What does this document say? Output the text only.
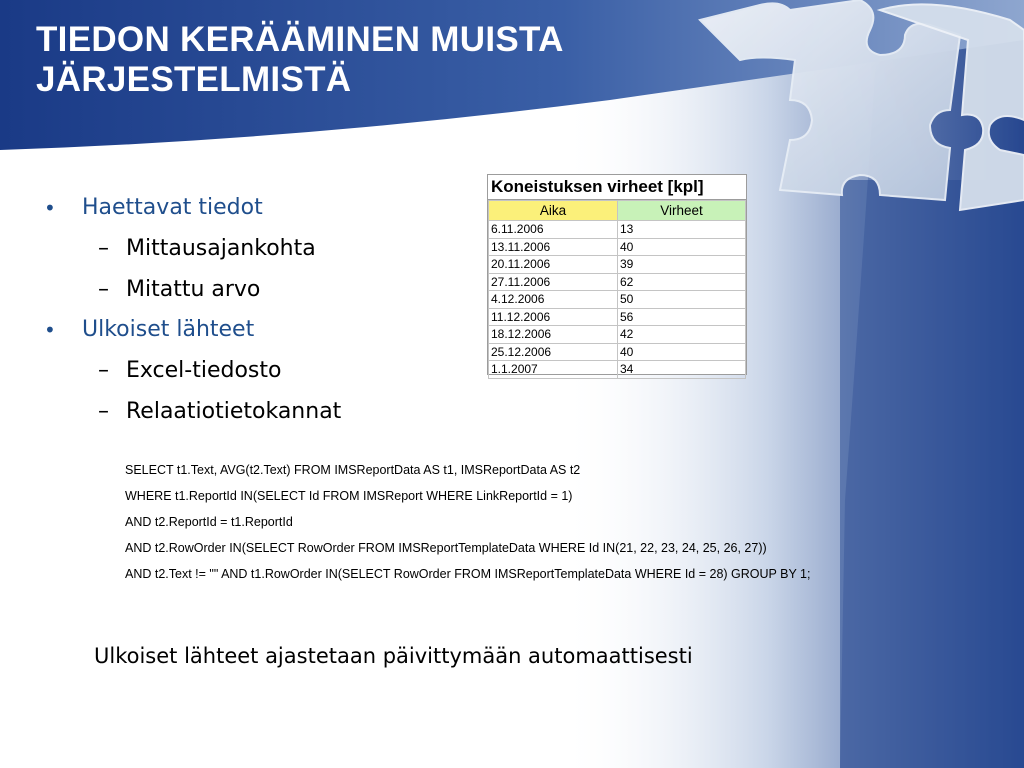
TIEDON KERÄÄMINEN MUISTA
JÄRJESTELMISTÄ
• Haettavat tiedot
– Mittausajankohta
– Mitattu arvo
• Ulkoiset lähteet
– Excel-tiedosto
– Relaatiotietokannat
Koneistuksen virheet [kpl]
Aika	Virheet
6.11.2006	13
13.11.2006	40
20.11.2006	39
27.11.2006	62
4.12.2006	50
11.12.2006	56
18.12.2006	42
25.12.2006	40
1.1.2007	34
SELECT t1.Text, AVG(t2.Text) FROM IMSReportData AS t1, IMSReportData AS t2
WHERE t1.ReportId IN(SELECT Id FROM IMSReport WHERE LinkReportId = 1)
AND t2.ReportId = t1.ReportId
AND t2.RowOrder IN(SELECT RowOrder FROM IMSReportTemplateData WHERE Id IN(21, 22, 23, 24, 25, 26, 27))
AND t2.Text != "" AND t1.RowOrder IN(SELECT RowOrder FROM IMSReportTemplateData WHERE Id = 28) GROUP BY 1;
Ulkoiset lähteet ajastetaan päivittymään automaattisesti
